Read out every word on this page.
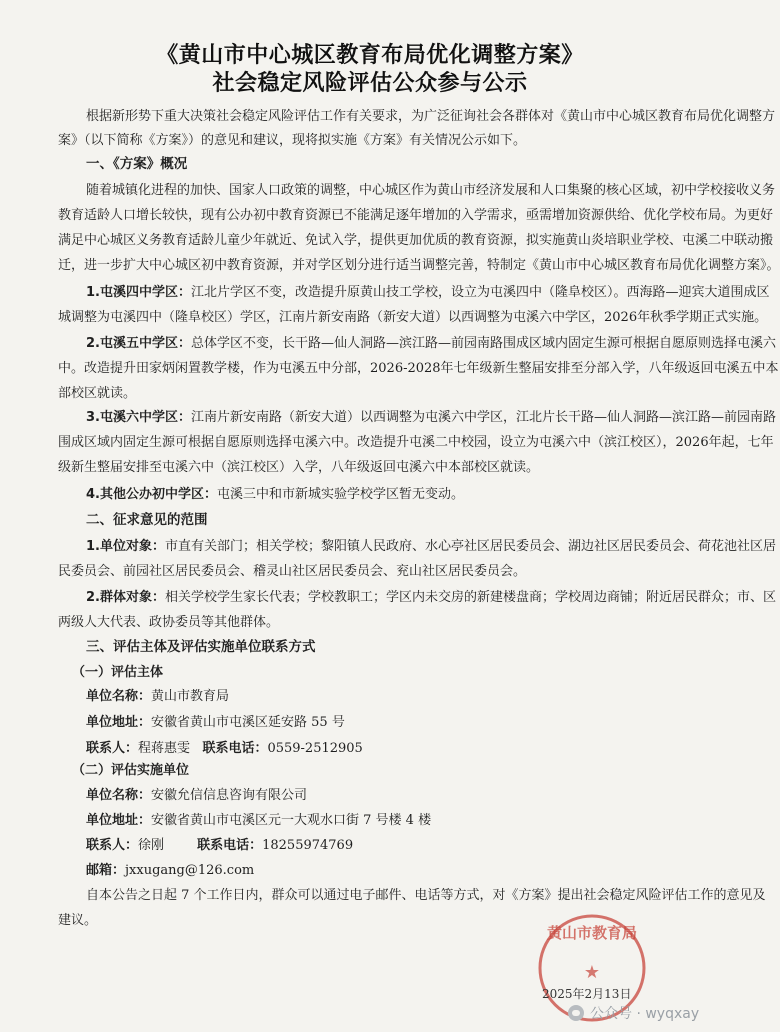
《黄山市中心城区教育布局优化调整方案》
社会稳定风险评估公众参与公示
根据新形势下重大决策社会稳定风险评估工作有关要求，为广泛征询社会各群体对《黄山市中心城区教育布局优化调整方
案》（以下简称《方案》）的意见和建议，现将拟实施《方案》有关情况公示如下。
一、《方案》概况
随着城镇化进程的加快、国家人口政策的调整，中心城区作为黄山市经济发展和人口集聚的核心区域，初中学校接收义务
教育适龄人口增长较快，现有公办初中教育资源已不能满足逐年增加的入学需求，亟需增加资源供给、优化学校布局。为更好
满足中心城区义务教育适龄儿童少年就近、免试入学，提供更加优质的教育资源，拟实施黄山炎培职业学校、屯溪二中联动搬
迁，进一步扩大中心城区初中教育资源，并对学区划分进行适当调整完善，特制定《黄山市中心城区教育布局优化调整方案》。
1.屯溪四中学区：江北片学区不变，改造提升原黄山技工学校，设立为屯溪四中（隆阜校区）。西海路—迎宾大道围成区
城调整为屯溪四中（隆阜校区）学区，江南片新安南路（新安大道）以西调整为屯溪六中学区，2026年秋季学期正式实施。
2.屯溪五中学区：总体学区不变，长干路—仙人洞路—滨江路—前园南路围成区域内固定生源可根据自愿原则选择屯溪六
中。改造提升田家炳闲置教学楼，作为屯溪五中分部，2026-2028年七年级新生整届安排至分部入学，八年级返回屯溪五中本
部校区就读。
3.屯溪六中学区：江南片新安南路（新安大道）以西调整为屯溪六中学区，江北片长干路—仙人洞路—滨江路—前园南路
围成区域内固定生源可根据自愿原则选择屯溪六中。改造提升屯溪二中校园，设立为屯溪六中（滨江校区），2026年起，七年
级新生整届安排至屯溪六中（滨江校区）入学，八年级返回屯溪六中本部校区就读。
4.其他公办初中学区：屯溪三中和市新城实验学校学区暂无变动。
二、征求意见的范围
1.单位对象：市直有关部门；相关学校；黎阳镇人民政府、水心亭社区居民委员会、湖边社区居民委员会、荷花池社区居
民委员会、前园社区居民委员会、稽灵山社区居民委员会、兖山社区居民委员会。
2.群体对象：相关学校学生家长代表；学校教职工；学区内未交房的新建楼盘商；学校周边商铺；附近居民群众；市、区
两级人大代表、政协委员等其他群体。
三、评估主体及评估实施单位联系方式
（一）评估主体
单位名称：黄山市教育局
单位地址：安徽省黄山市屯溪区延安路 55 号
联系人：程蒋惠雯 联系电话：0559-2512905
（二）评估实施单位
单位名称：安徽允信信息咨询有限公司
单位地址：安徽省黄山市屯溪区元一大观水口街 7 号楼 4 楼
联系人：徐刚	联系电话：18255974769
邮箱：jxxugang@126.com
自本公告之日起 7 个工作日内，群众可以通过电子邮件、电话等方式，对《方案》提出社会稳定风险评估工作的意见及
建议。
黄山市教育局
★
2025年2月13日
公众号 · wyqxay
